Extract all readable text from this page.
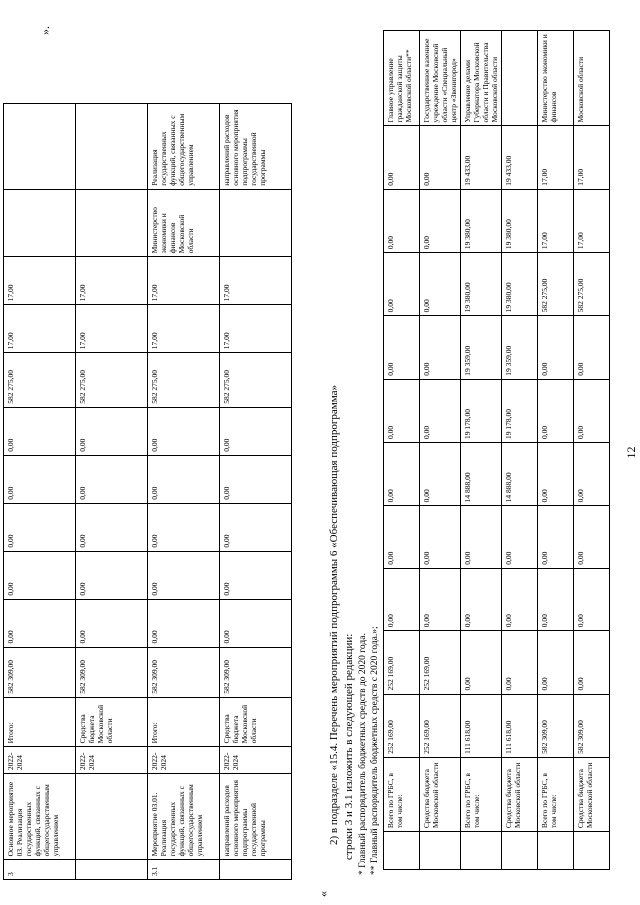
12
	Всего по ГРБС, в том числе:	252 169,00	252 169,00	0,00	0,00	0,00	0,00	0,00	0,00	0,00	0,00	Главное управление гражданской защиты Московской области**
	Средства бюджета Московской области	252 169,00	252 169,00	0,00	0,00	0,00	0,00	0,00	0,00	0,00	0,00	Государственное казенное учреждение Московской области «Специальный центр «Звенигород»
	Всего по ГРБС, в том числе:	111 618,00	0,00	0,00	0,00	14 888,00	19 178,00	19 359,00	19 380,00	19 380,00	19 433,00	Управление делами Губернатора Московской области и Правительства Московской области
	Средства бюджета Московской области	111 618,00	0,00	0,00	0,00	14 888,00	19 178,00	19 359,00	19 380,00	19 380,00	19 433,00	
	Всего по ГРБС, в том числе:	582 309,00	0,00	0,00	0,00	0,00	0,00	0,00	582 275,00	17,00	17,00	Министерство экономики и финансов
	Средства бюджета Московской области	582 309,00	0,00	0,00	0,00	0,00	0,00	0,00	582 275,00	17,00	17,00	Московской области
* Главный распорядитель бюджетных средств до 2020 года. ** Главный распорядитель бюджетных средств с 2020 года.»;
2) в подразделе «15.4. Перечень мероприятий подпрограммы 6 «Обеспечивающая подпрограмма» строки 3 и 3.1 изложить в следующей редакции:
«
3	Основное мероприятие 03. Реализация государственных функций, связанных с общегосударственным управлением	2022-2024	Итого:	582 309,00	0,00	0,00	0,00	0,00	0,00	582 275,00	17,00	17,00		
		2022-2024	Средства бюджета Московской области	582 309,00	0,00	0,00	0,00	0,00	0,00	582 275,00	17,00	17,00		
3.1	Мероприятие 03.01. Реализация государственных функций, связанных с общегосударственным управлением	2022-2024	Итого:	582 309,00	0,00	0,00	0,00	0,00	0,00	582 275,00	17,00	17,00	Министерство экономики и финансов Московской области	Реализация государственных функций, связанных с общегосударственным управлением
	направлений расходов основного мероприятия подпрограммы государственной программы	2022-2024	Средства бюджета Московской области	582 309,00	0,00	0,00	0,00	0,00	0,00	582 275,00	17,00	17,00		направлений расходов основного мероприятия подпрограммы государственной программы
».
